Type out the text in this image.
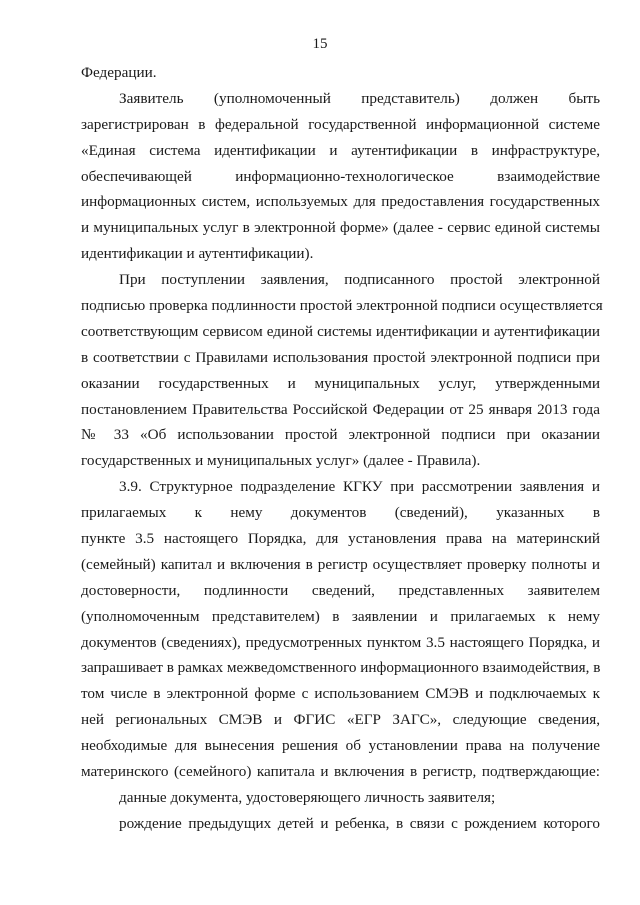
15
Федерации.
Заявитель (уполномоченный представитель) должен быть
зарегистрирован в федеральной государственной информационной системе
«Единая система идентификации и аутентификации в инфраструктуре,
обеспечивающей информационно-технологическое взаимодействие
информационных систем, используемых для предоставления государственных
и муниципальных услуг в электронной форме» (далее - сервис единой системы
идентификации и аутентификации).
При поступлении заявления, подписанного простой электронной
подписью проверка подлинности простой электронной подписи осуществляется
соответствующим сервисом единой системы идентификации и аутентификации
в соответствии с Правилами использования простой электронной подписи при
оказании государственных и муниципальных услуг, утвержденными
постановлением Правительства Российской Федерации от 25 января 2013 года
№ 33 «Об использовании простой электронной подписи при оказании
государственных и муниципальных услуг» (далее - Правила).
3.9. Структурное подразделение КГКУ при рассмотрении заявления и
прилагаемых к нему документов (сведений), указанных в
пункте 3.5 настоящего Порядка, для установления права на материнский
(семейный) капитал и включения в регистр осуществляет проверку полноты и
достоверности, подлинности сведений, представленных заявителем
(уполномоченным представителем) в заявлении и прилагаемых к нему
документов (сведениях), предусмотренных пунктом 3.5 настоящего Порядка, и
запрашивает в рамках межведомственного информационного взаимодействия, в
том числе в электронной форме с использованием СМЭВ и подключаемых к
ней региональных СМЭВ и ФГИС «ЕГР ЗАГС», следующие сведения,
необходимые для вынесения решения об установлении права на получение
материнского (семейного) капитала и включения в регистр, подтверждающие:
данные документа, удостоверяющего личность заявителя;
рождение предыдущих детей и ребенка, в связи с рождением которого
